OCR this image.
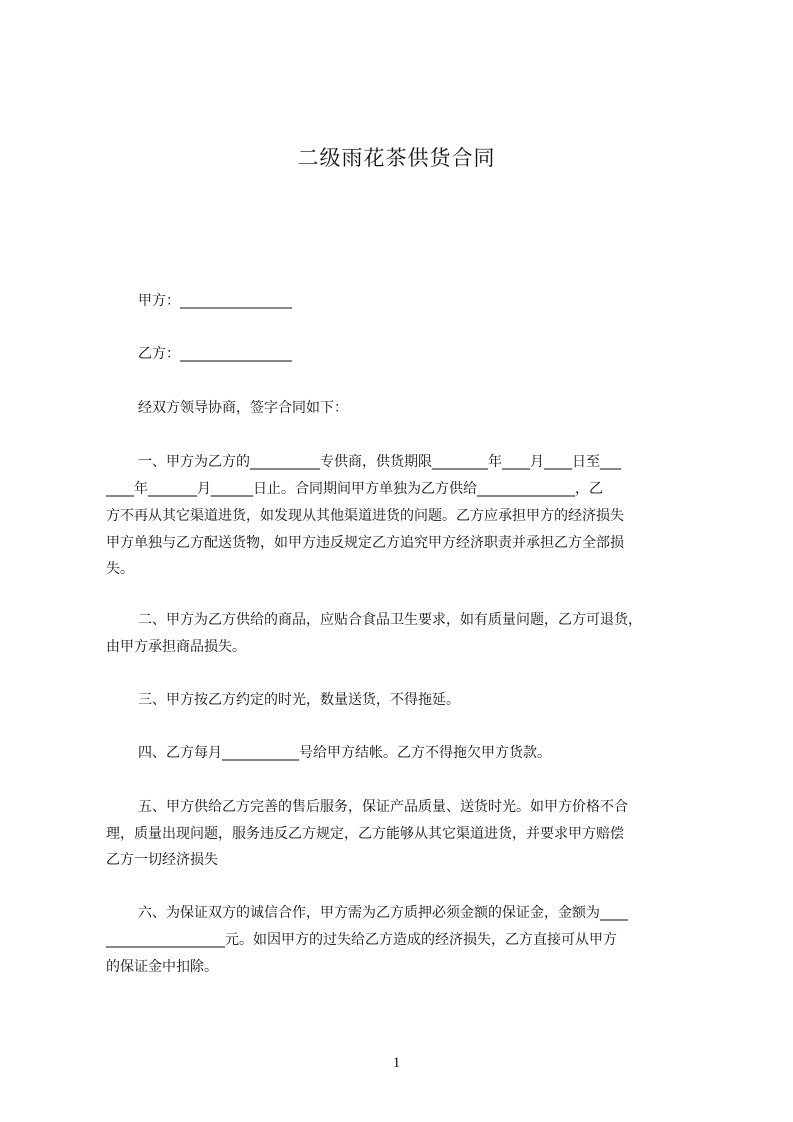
二级雨花茶供货合同
甲方：________________
乙方：________________
经双方领导协商，签字合同如下：
一、甲方为乙方的__________专供商，供货期限________年____月____日至___
____年_______月______日止。合同期间甲方单独为乙方供给______________，乙
方不再从其它渠道进货，如发现从其他渠道进货的问题。乙方应承担甲方的经济损失
甲方单独与乙方配送货物，如甲方违反规定乙方追究甲方经济职责并承担乙方全部损
失。
二、甲方为乙方供给的商品，应贴合食品卫生要求，如有质量问题，乙方可退货，
由甲方承担商品损失。
三、甲方按乙方约定的时光，数量送货，不得拖延。
四、乙方每月___________号给甲方结帐。乙方不得拖欠甲方货款。
五、甲方供给乙方完善的售后服务，保证产品质量、送货时光。如甲方价格不合
理，质量出现问题，服务违反乙方规定，乙方能够从其它渠道进货，并要求甲方赔偿
乙方一切经济损失
六、为保证双方的诚信合作，甲方需为乙方质押必须金额的保证金，金额为____
_________________元。如因甲方的过失给乙方造成的经济损失，乙方直接可从甲方
的保证金中扣除。
1
